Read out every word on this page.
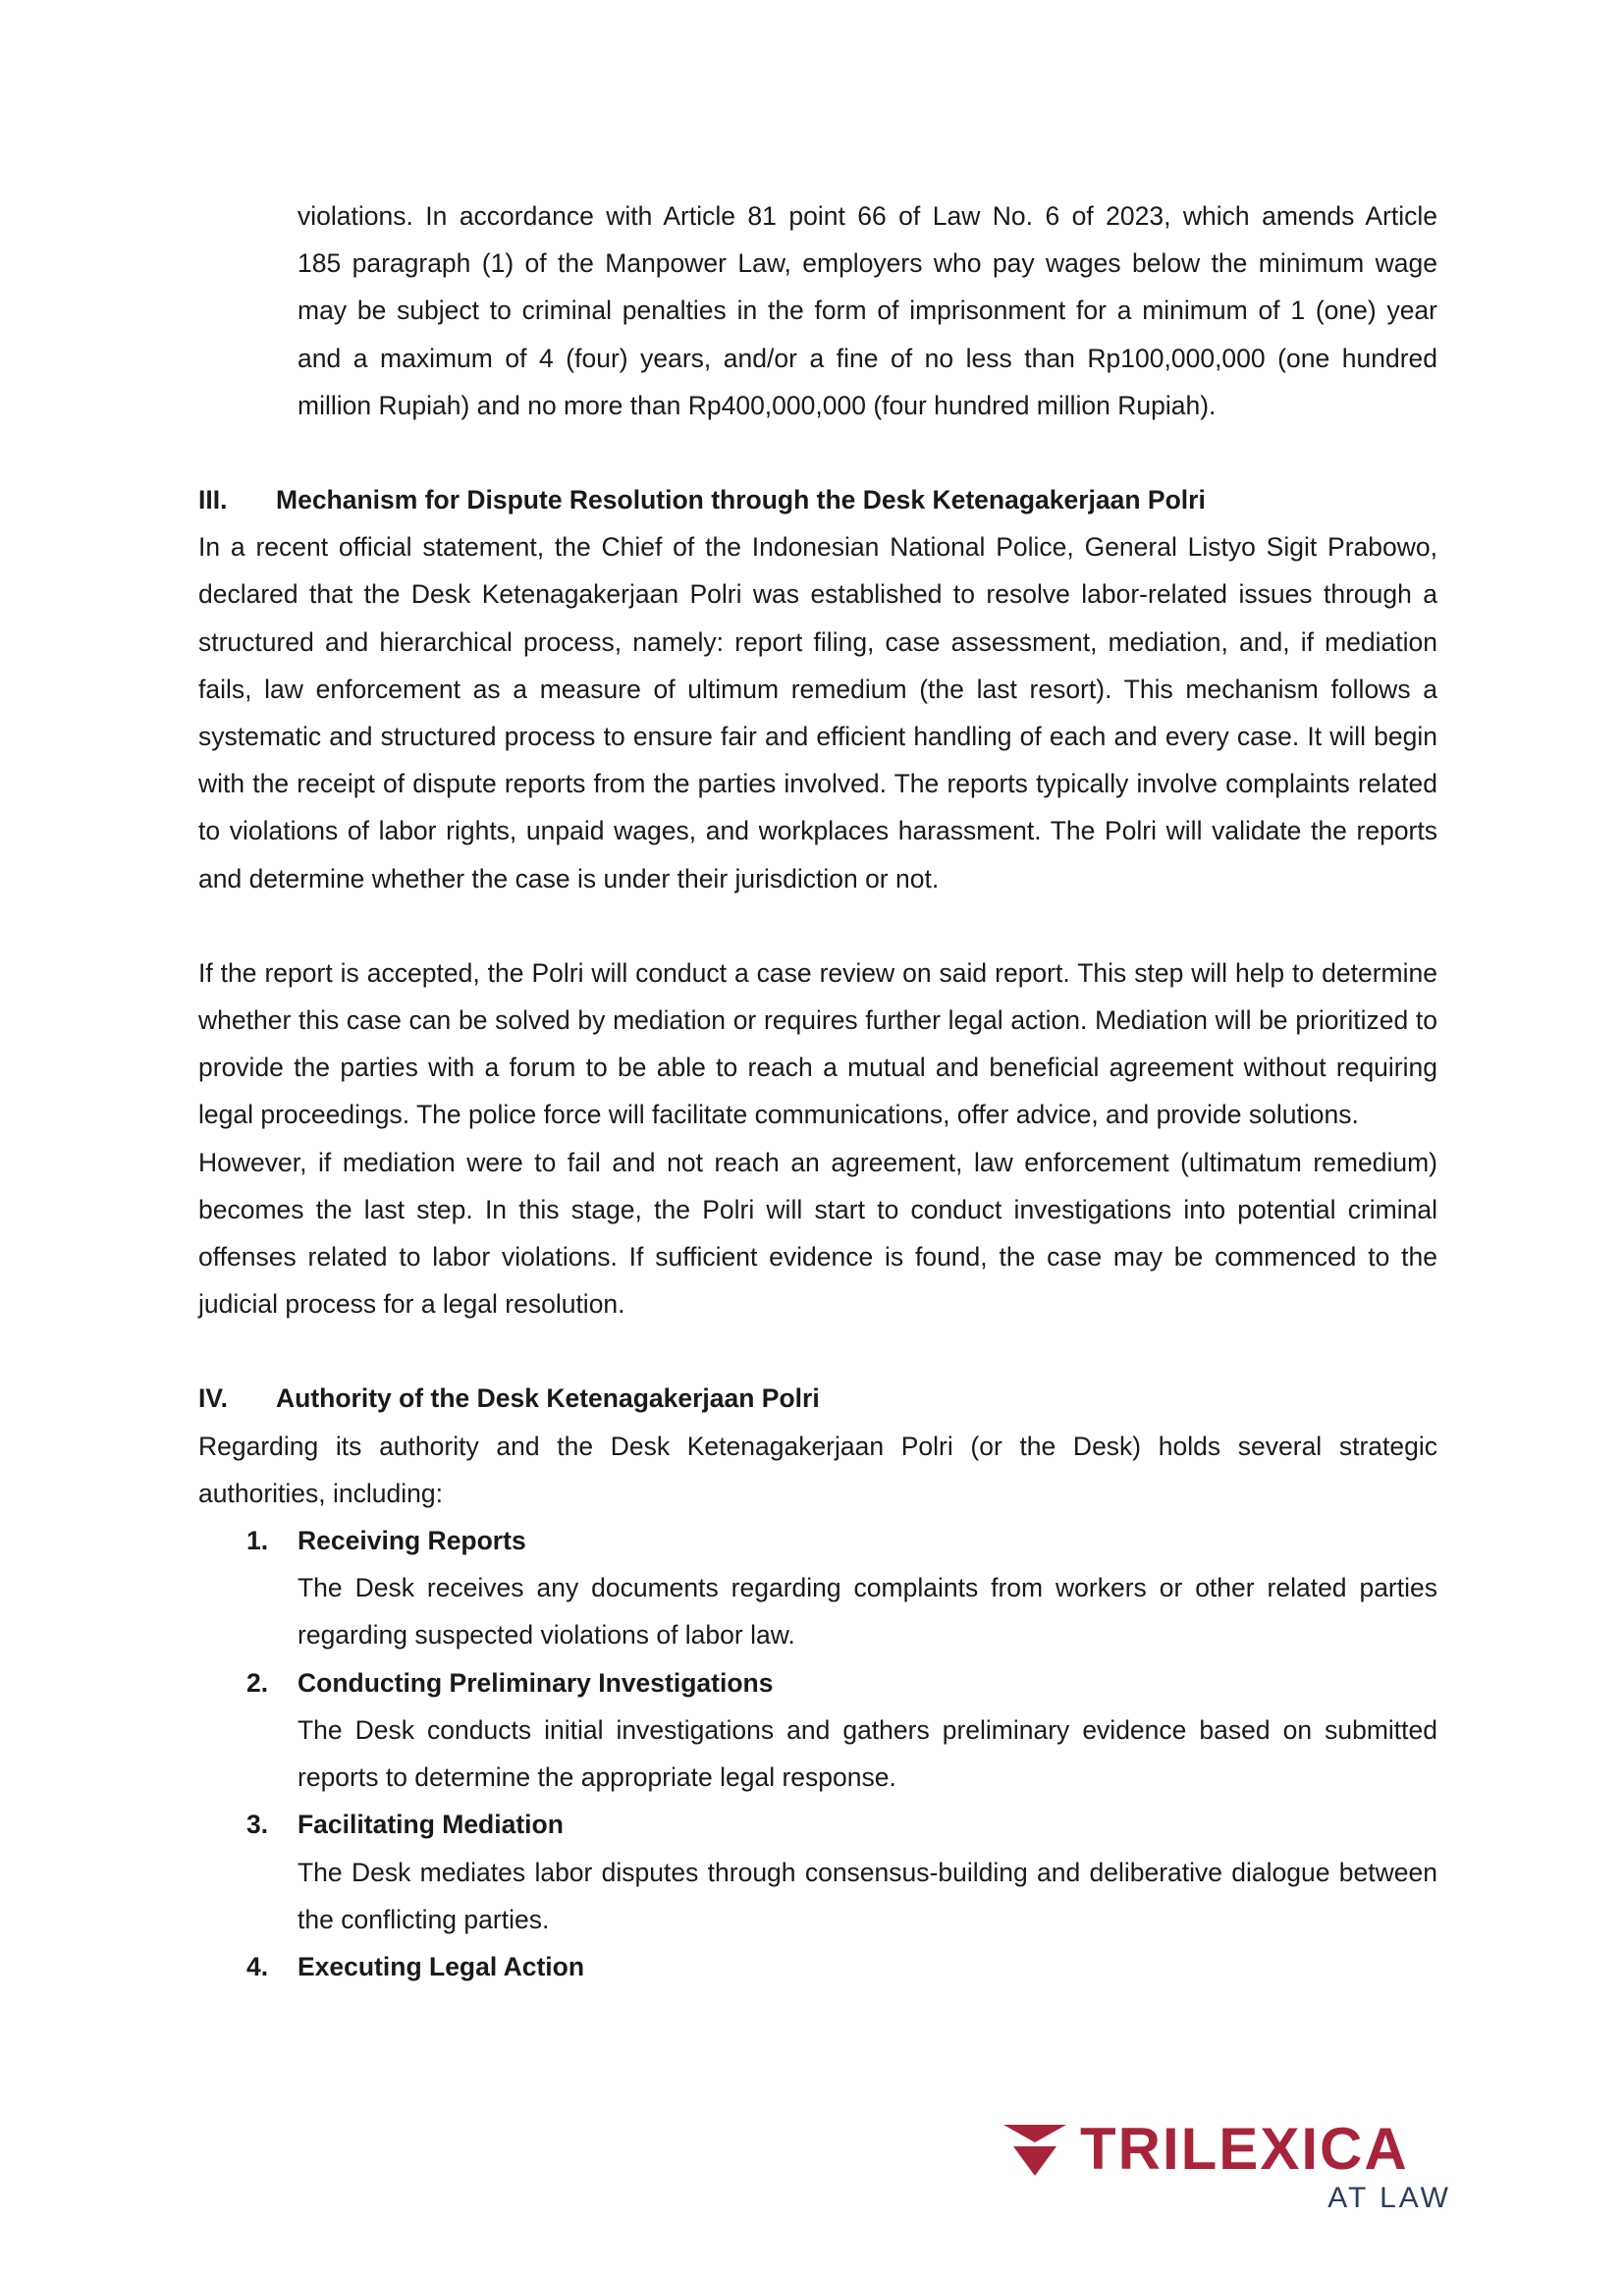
violations. In accordance with Article 81 point 66 of Law No. 6 of 2023, which amends Article

185 paragraph (1) of the Manpower Law, employers who pay wages below the minimum wage

may be subject to criminal penalties in the form of imprisonment for a minimum of 1 (one) year

and a maximum of 4 (four) years, and/or a fine of no less than Rp100,000,000 (one hundred

million Rupiah) and no more than Rp400,000,000 (four hundred million Rupiah).

III.	Mechanism for Dispute Resolution through the Desk Ketenagakerjaan Polri

In a recent official statement, the Chief of the Indonesian National Police, General Listyo Sigit Prabowo, declared that the Desk Ketenagakerjaan Polri was established to resolve labor-related issues through a structured and hierarchical process, namely: report filing, case assessment, mediation, and, if mediation fails, law enforcement as a measure of ultimum remedium (the last resort). This mechanism follows a systematic and structured process to ensure fair and efficient handling of each and every case. It will begin with the receipt of dispute reports from the parties involved. The reports typically involve complaints related to violations of labor rights, unpaid wages, and workplaces harassment. The Polri will validate the reports and determine whether the case is under their jurisdiction or not.

If the report is accepted, the Polri will conduct a case review on said report. This step will help to determine whether this case can be solved by mediation or requires further legal action. Mediation will be prioritized to provide the parties with a forum to be able to reach a mutual and beneficial agreement without requiring legal proceedings. The police force will facilitate communications, offer advice, and provide solutions.

However, if mediation were to fail and not reach an agreement, law enforcement (ultimatum remedium) becomes the last step. In this stage, the Polri will start to conduct investigations into potential criminal offenses related to labor violations. If sufficient evidence is found, the case may be commenced to the judicial process for a legal resolution.

IV.	Authority of the Desk Ketenagakerjaan Polri

Regarding its authority and the Desk Ketenagakerjaan Polri (or the Desk) holds several strategic authorities, including:

1.	Receiving Reports

The Desk receives any documents regarding complaints from workers or other related parties regarding suspected violations of labor law.

2.	Conducting Preliminary Investigations

The Desk conducts initial investigations and gathers preliminary evidence based on submitted reports to determine the appropriate legal response.

3.	Facilitating Mediation

The Desk mediates labor disputes through consensus-building and deliberative dialogue between the conflicting parties.

4.	Executing Legal Action
TRILEXICA
AT LAW
